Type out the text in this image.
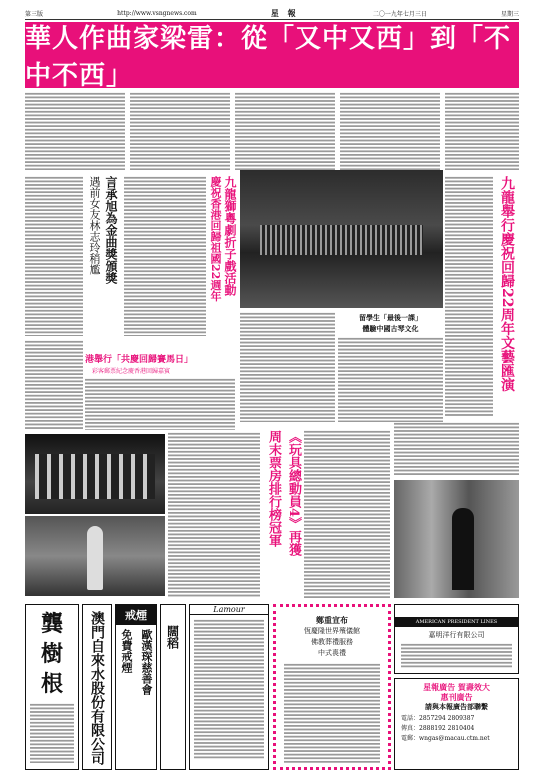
第三版	http://www.vsngnews.com	星 報	二〇一九年七月三日	星期三
華人作曲家梁雷：從「又中又西」到「不中不西」
九龍舉行慶祝回歸22周年文藝匯演
言承旭為金曲獎頒獎
遇前女友林志玲稍尷	九龍獅粵劇折子戲活動
慶祝香港回歸祖國22週年
留學生「最後一課」
體驗中國古琴文化
港舉行「共慶回歸賽馬日」
彩客郵票紀念慶香港回歸嘉賓
《玩具總動員4》再獲
周末票房排行榜冠軍
龔
樹
根	澳門自來水股份有限公司	戒煙
免費戒煙 歐漢琛慈善會 闊稻
Lamour
鄭重宣布
恆慶隆世界殯儀館
佛教葬禮服務
中式喪禮
AMERICAN PRESIDENT LINES
嘉明洋行有限公司
星報廣告 賀壽效大
惠刊廣告
請與本報廣告部聯繫
電話：2857294 2809387
傳真：2888192 2810404
電郵：wngas@macau.ctm.net
